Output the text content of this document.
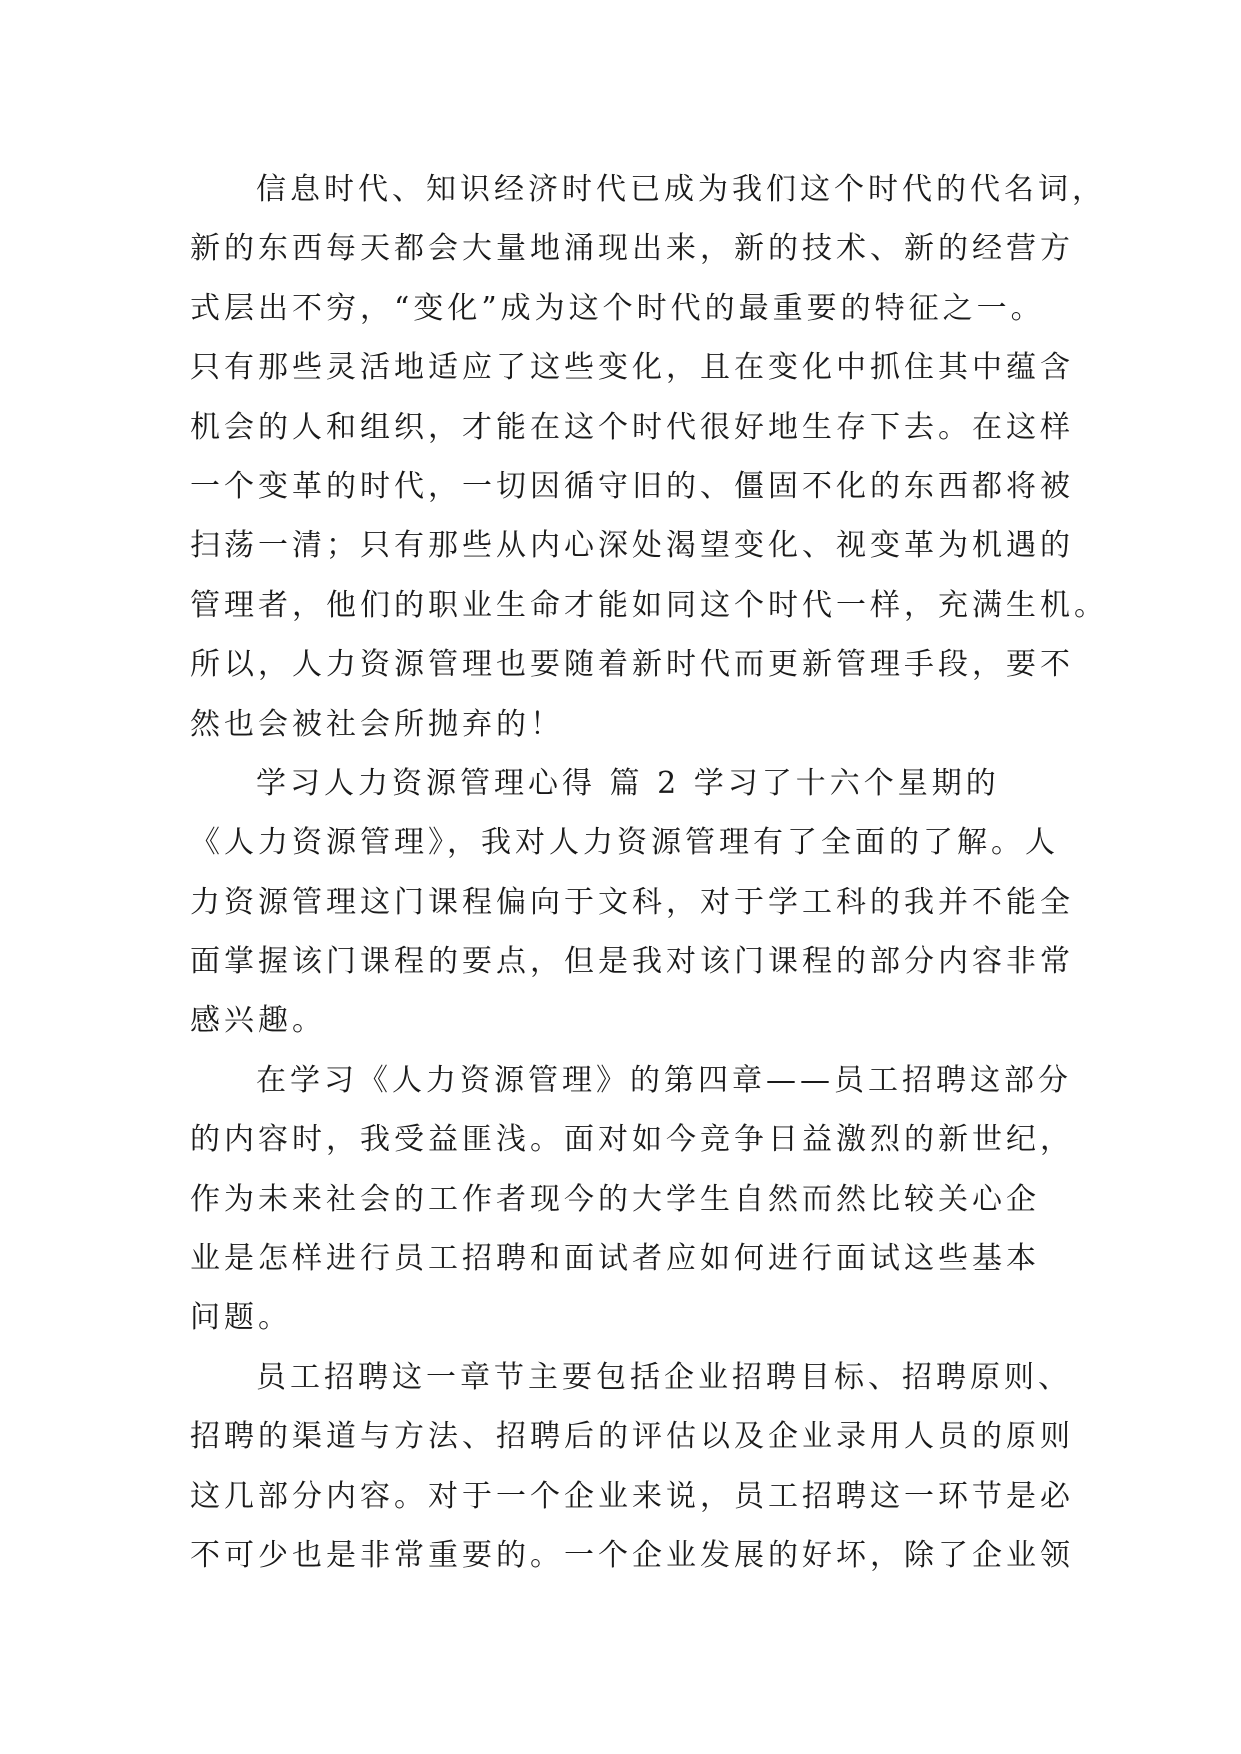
信息时代、知识经济时代已成为我们这个时代的代名词，
新的东西每天都会大量地涌现出来，新的技术、新的经营方
式层出不穷，“变化”成为这个时代的最重要的特征之一。
只有那些灵活地适应了这些变化，且在变化中抓住其中蕴含
机会的人和组织，才能在这个时代很好地生存下去。在这样
一个变革的时代，一切因循守旧的、僵固不化的东西都将被
扫荡一清；只有那些从内心深处渴望变化、视变革为机遇的
管理者，他们的职业生命才能如同这个时代一样，充满生机。
所以，人力资源管理也要随着新时代而更新管理手段，要不
然也会被社会所抛弃的！
学习人力资源管理心得 篇 2 学习了十六个星期的
《人力资源管理》，我对人力资源管理有了全面的了解。人
力资源管理这门课程偏向于文科，对于学工科的我并不能全
面掌握该门课程的要点，但是我对该门课程的部分内容非常
感兴趣。
在学习《人力资源管理》的第四章——员工招聘这部分
的内容时，我受益匪浅。面对如今竞争日益激烈的新世纪，
作为未来社会的工作者现今的大学生自然而然比较关心企
业是怎样进行员工招聘和面试者应如何进行面试这些基本
问题。
员工招聘这一章节主要包括企业招聘目标、招聘原则、
招聘的渠道与方法、招聘后的评估以及企业录用人员的原则
这几部分内容。对于一个企业来说，员工招聘这一环节是必
不可少也是非常重要的。一个企业发展的好坏，除了企业领
